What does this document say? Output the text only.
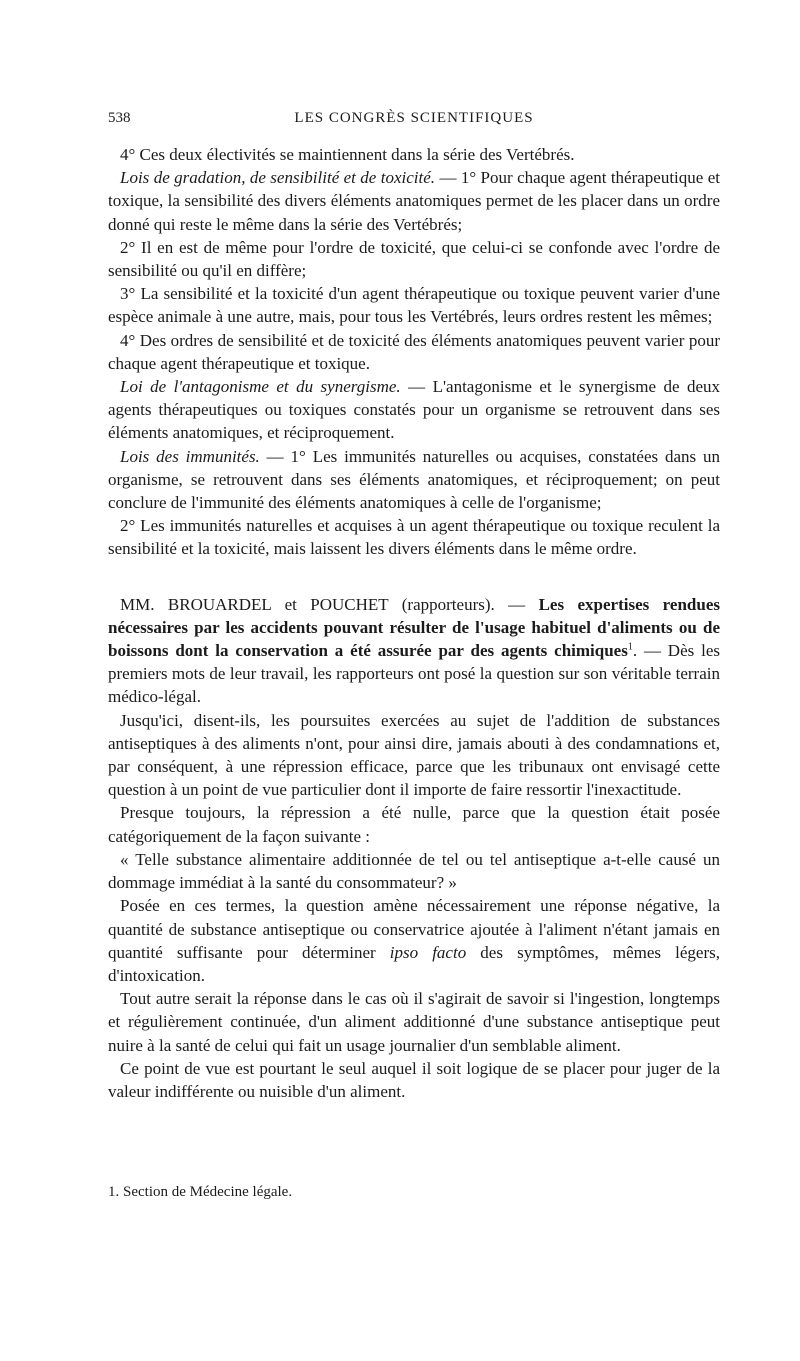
538	LES CONGRÈS SCIENTIFIQUES

4° Ces deux électivités se maintiennent dans la série des Vertébrés.

Lois de gradation, de sensibilité et de toxicité. — 1° Pour chaque agent thérapeutique et toxique, la sensibilité des divers éléments anatomiques permet de les placer dans un ordre donné qui reste le même dans la série des Vertébrés;

2° Il en est de même pour l'ordre de toxicité, que celui-ci se confonde avec l'ordre de sensibilité ou qu'il en diffère;

3° La sensibilité et la toxicité d'un agent thérapeutique ou toxique peuvent varier d'une espèce animale à une autre, mais, pour tous les Vertébrés, leurs ordres restent les mêmes;

4° Des ordres de sensibilité et de toxicité des éléments anatomiques peuvent varier pour chaque agent thérapeutique et toxique.

Loi de l'antagonisme et du synergisme. — L'antagonisme et le synergisme de deux agents thérapeutiques ou toxiques constatés pour un organisme se retrouvent dans ses éléments anatomiques, et réciproquement.

Lois des immunités. — 1° Les immunités naturelles ou acquises, constatées dans un organisme, se retrouvent dans ses éléments anatomiques, et réciproquement; on peut conclure de l'immunité des éléments anatomiques à celle de l'organisme;

2° Les immunités naturelles et acquises à un agent thérapeutique ou toxique reculent la sensibilité et la toxicité, mais laissent les divers éléments dans le même ordre.

MM. BROUARDEL et POUCHET (rapporteurs). — Les expertises rendues nécessaires par les accidents pouvant résulter de l'usage habituel d'aliments ou de boissons dont la conservation a été assurée par des agents chimiques$^1$. — Dès les premiers mots de leur travail, les rapporteurs ont posé la question sur son véritable terrain médico-légal.

Jusqu'ici, disent-ils, les poursuites exercées au sujet de l'addition de substances antiseptiques à des aliments n'ont, pour ainsi dire, jamais abouti à des condamnations et, par conséquent, à une répression efficace, parce que les tribunaux ont envisagé cette question à un point de vue particulier dont il importe de faire ressortir l'inexactitude.

Presque toujours, la répression a été nulle, parce que la question était posée catégoriquement de la façon suivante :

« Telle substance alimentaire additionnée de tel ou tel antiseptique a-t-elle causé un dommage immédiat à la santé du consommateur? »

Posée en ces termes, la question amène nécessairement une réponse négative, la quantité de substance antiseptique ou conservatrice ajoutée à l'aliment n'étant jamais en quantité suffisante pour déterminer ipso facto des symptômes, mêmes légers, d'intoxication.

Tout autre serait la réponse dans le cas où il s'agirait de savoir si l'ingestion, longtemps et régulièrement continuée, d'un aliment additionné d'une substance antiseptique peut nuire à la santé de celui qui fait un usage journalier d'un semblable aliment.

Ce point de vue est pourtant le seul auquel il soit logique de se placer pour juger de la valeur indifférente ou nuisible d'un aliment.

1. Section de Médecine légale.
